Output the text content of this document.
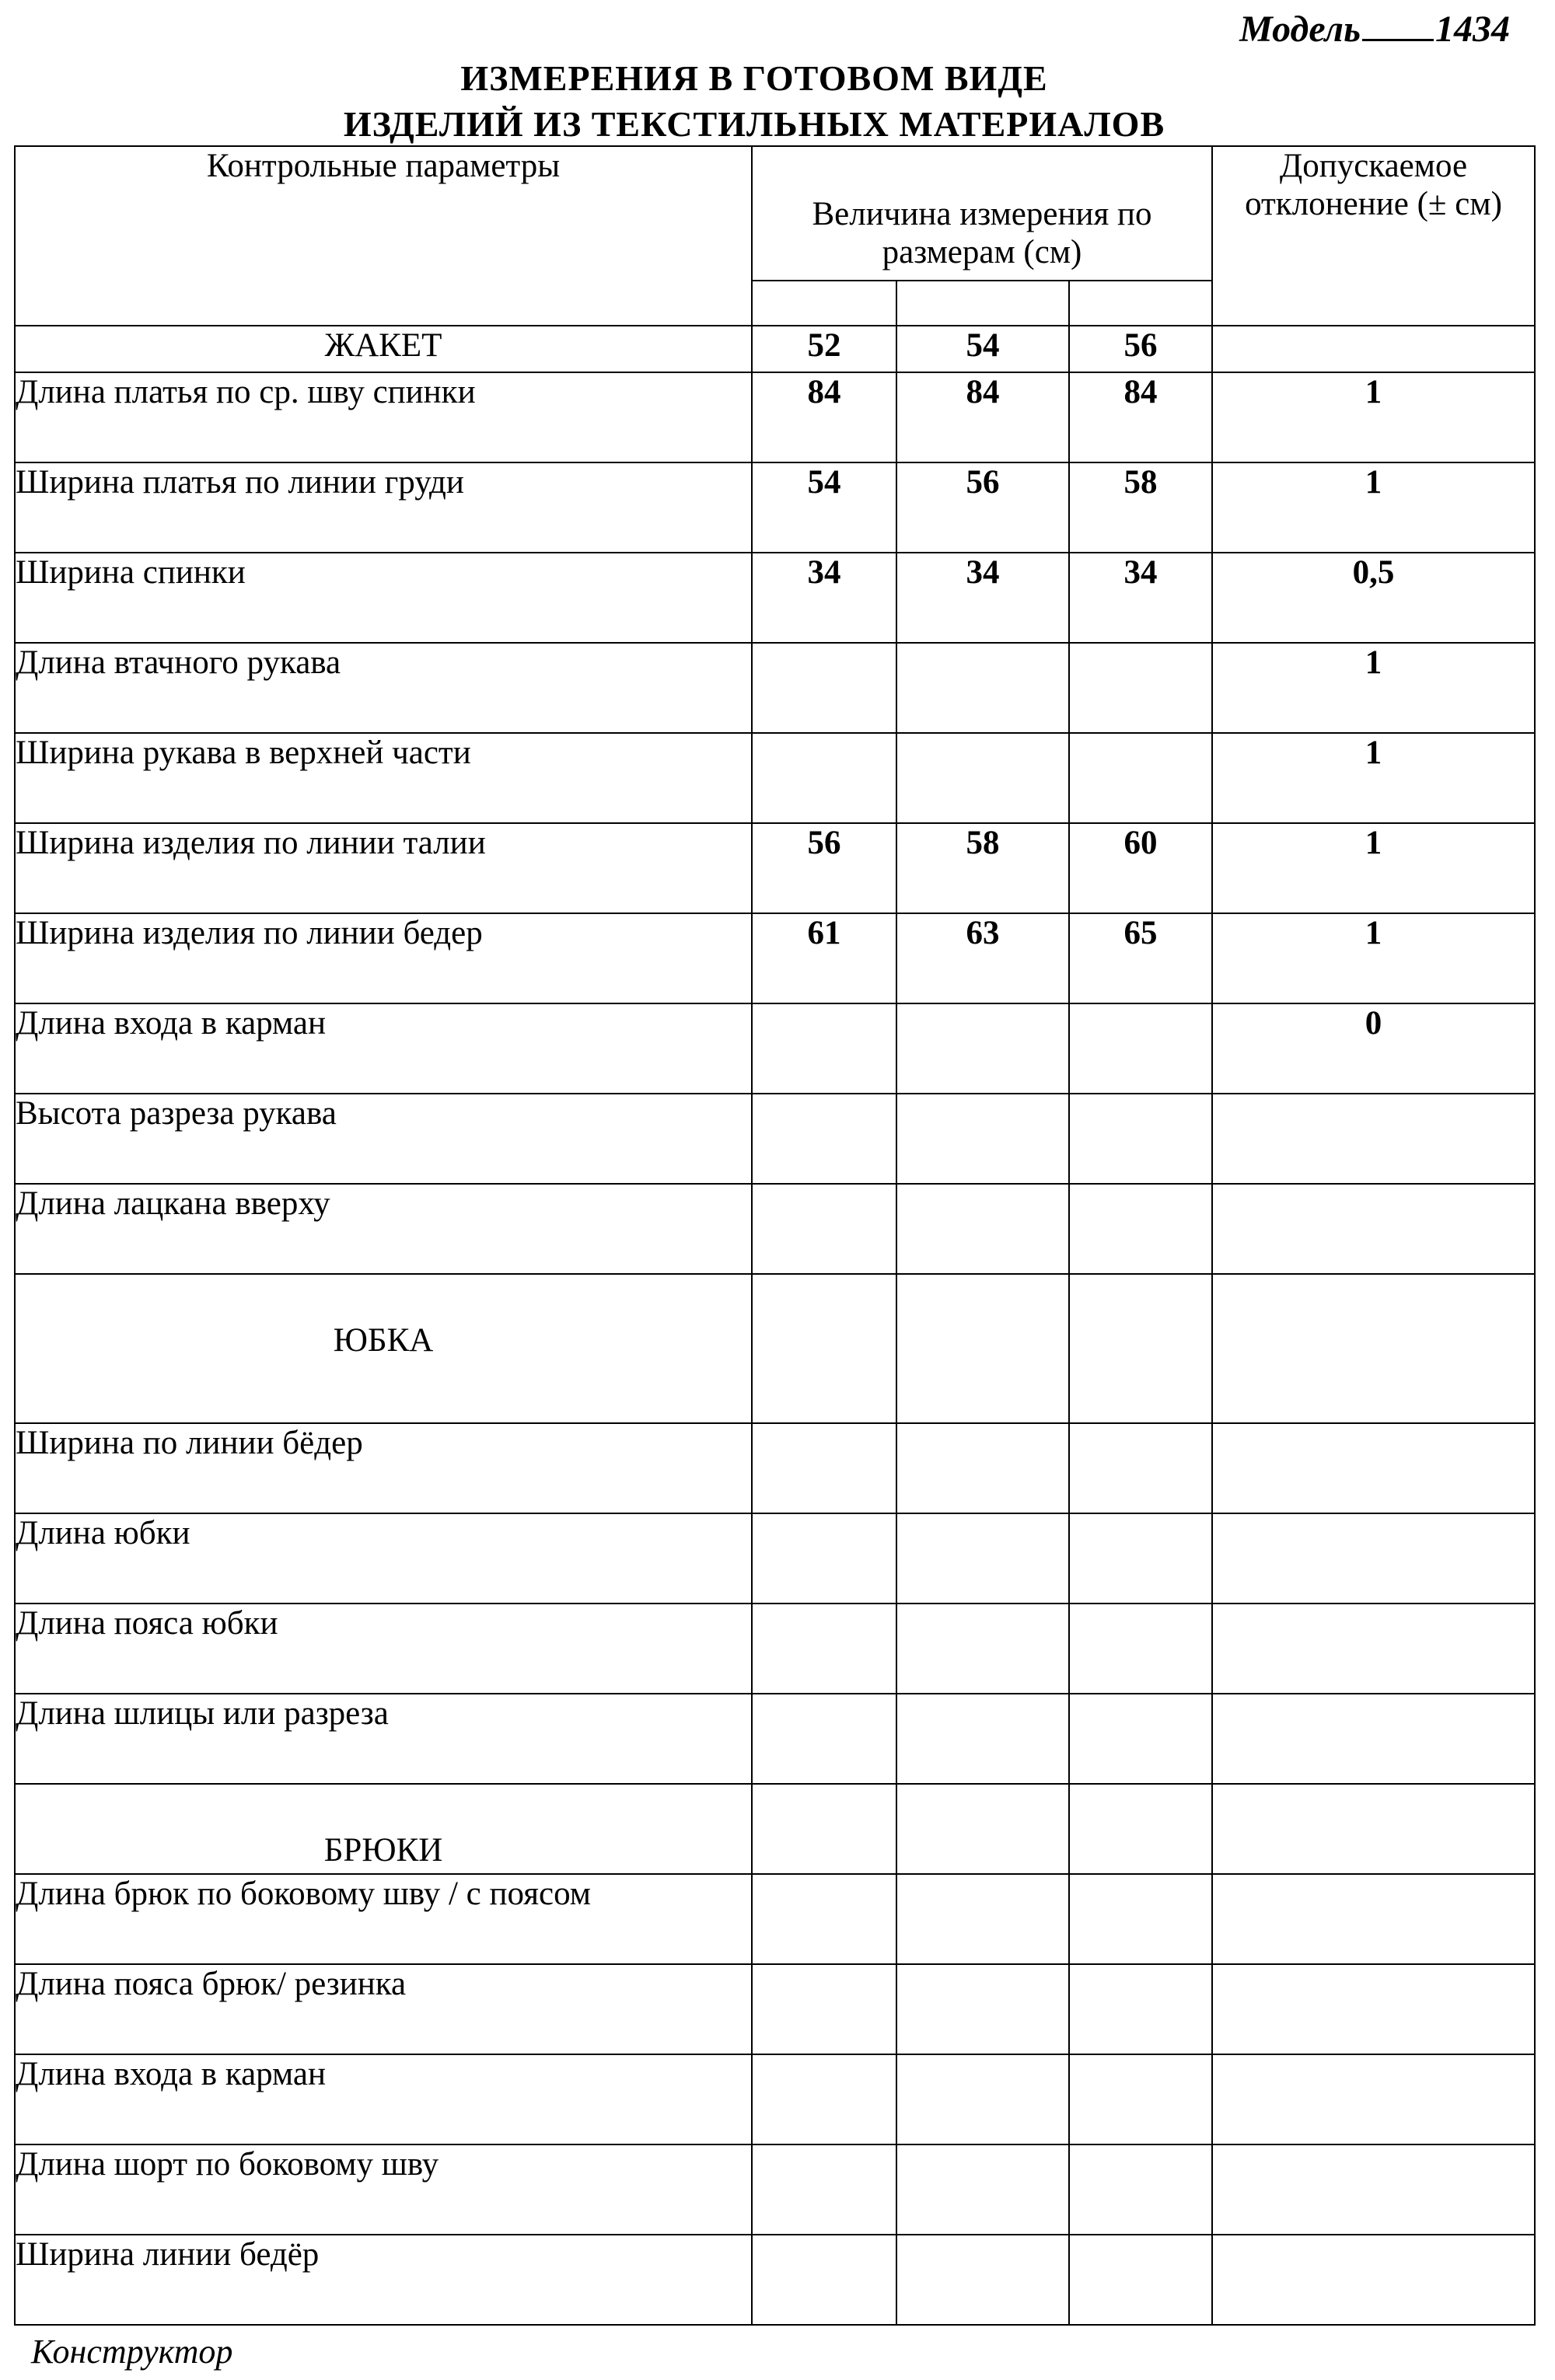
Модель 1434
ИЗМЕРЕНИЯ В ГОТОВОМ ВИДЕ
ИЗДЕЛИЙ ИЗ ТЕКСТИЛЬНЫХ МАТЕРИАЛОВ
Контрольные параметры	Величина измерения по размерам (см)			Допускаемое отклонение (± см)

ЖАКЕТ	52	54	56	
Длина платья по ср. шву спинки	84	84	84	1
Ширина платья по линии груди	54	56	58	1
Ширина спинки	34	34	34	0,5
Длина втачного рукава				1
Ширина рукава в верхней части				1
Ширина изделия по линии талии	56	58	60	1
Ширина изделия по линии бедер	61	63	65	1
Длина входа в карман				0
Высота разреза рукава				
Длина лацкана вверху				
ЮБКА				
Ширина по линии бёдер				
Длина юбки				
Длина пояса юбки				
Длина шлицы или разреза				
БРЮКИ				
Длина брюк по боковому шву / с поясом				
Длина пояса брюк/ резинка				
Длина входа в карман				
Длина шорт по боковому шву				
Ширина линии бедёр				
Конструктор
